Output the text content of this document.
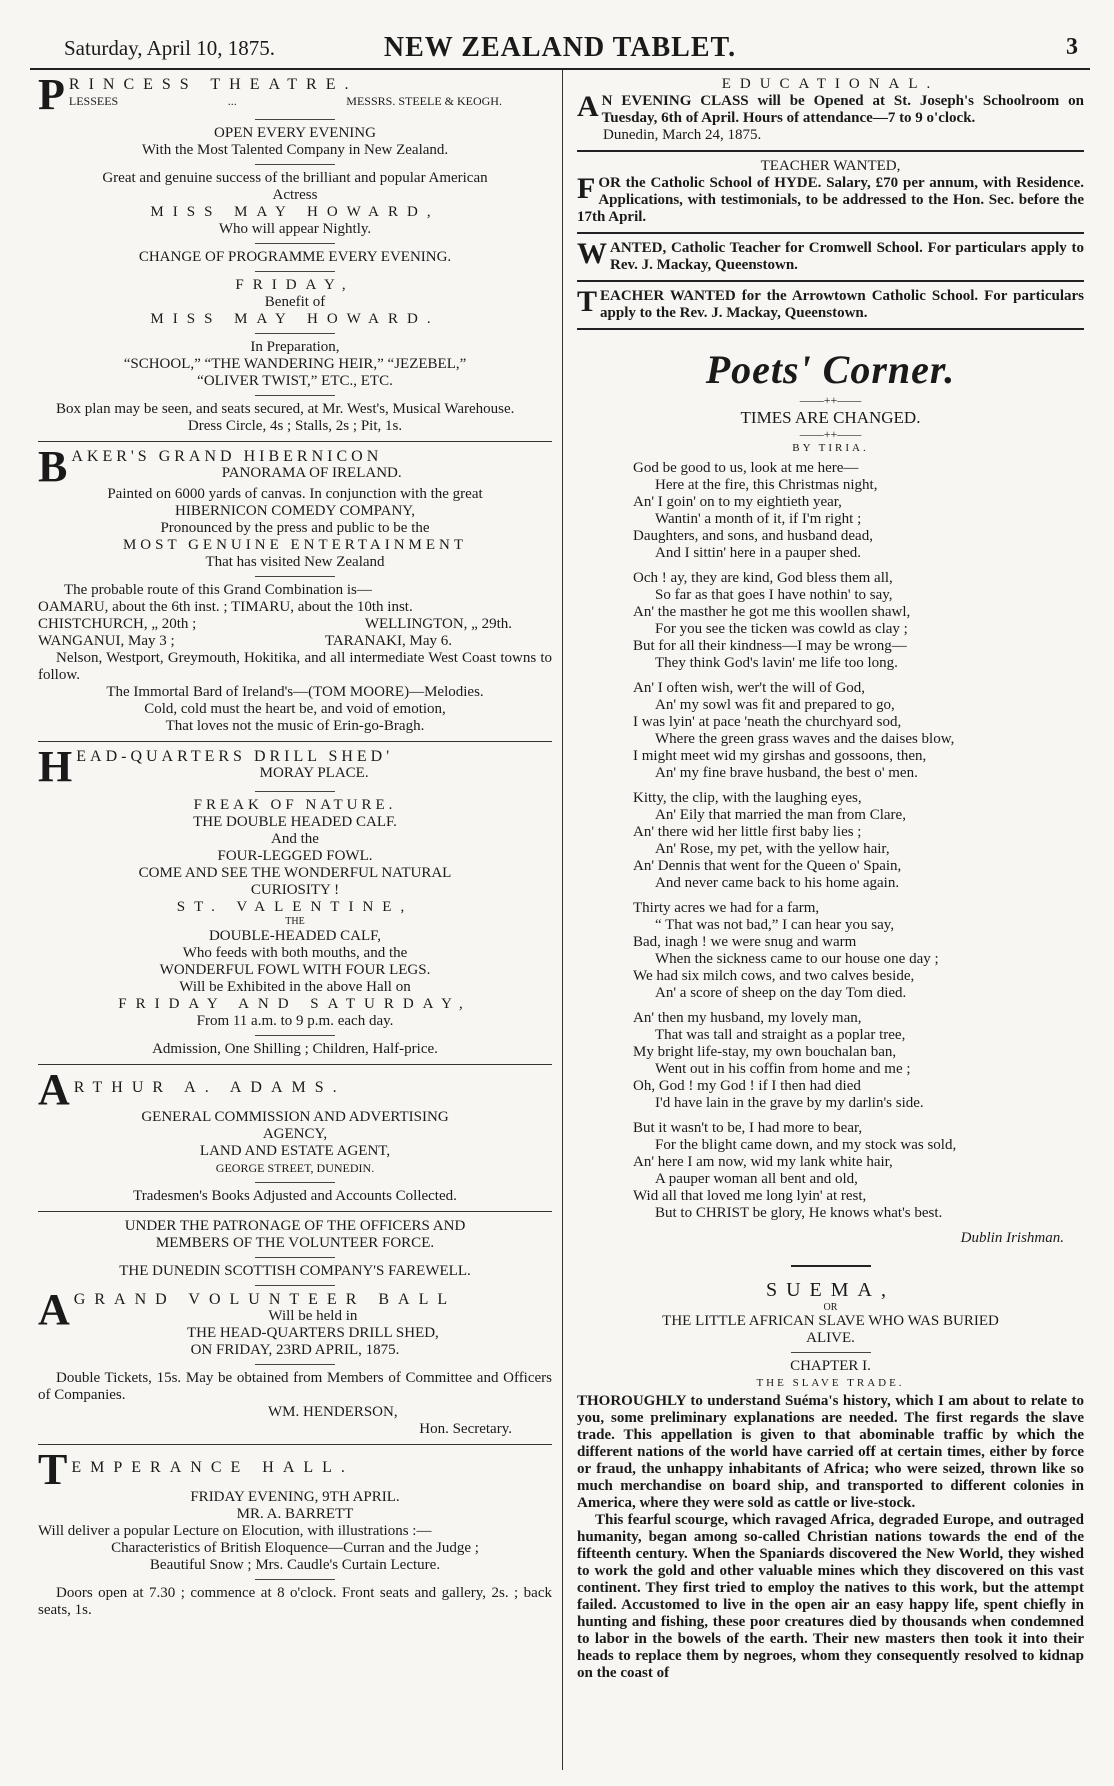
Saturday, April 10, 1875.	NEW ZEALAND TABLET.	3
P RINCESS THEATRE.
LESSEES	...	MESSRS. STEELE & KEOGH.

OPEN EVERY EVENING

With the Most Talented Company in New Zealand.

Great and genuine success of the brilliant and popular American

Actress

MISS MAY HOWARD,

Who will appear Nightly.

CHANGE OF PROGRAMME EVERY EVENING.

FRIDAY,

Benefit of

MISS MAY HOWARD.

In Preparation,

“SCHOOL,” “THE WANDERING HEIR,” “JEZEBEL,”

“OLIVER TWIST,” ETC., ETC.

Box plan may be seen, and seats secured, at Mr. West's, Musical Warehouse.

Dress Circle, 4s ; Stalls, 2s ; Pit, 1s.

B AKER'S GRAND HIBERNICON
PANORAMA OF IRELAND.

Painted on 6000 yards of canvas. In conjunction with the great

HIBERNICON COMEDY COMPANY,

Pronounced by the press and public to be the

MOST GENUINE ENTERTAINMENT

That has visited New Zealand

The probable route of this Grand Combination is—

OAMARU, about the 6th inst. ; TIMARU, about the 10th inst.

CHISTCHURCH, „ 20th ;	WELLINGTON, „ 29th.
WANGANUI, May 3 ;	TARANAKI, May 6.

Nelson, Westport, Greymouth, Hokitika, and all intermediate West Coast towns to follow.

The Immortal Bard of Ireland's—(TOM MOORE)—Melodies.

Cold, cold must the heart be, and void of emotion,

That loves not the music of Erin-go-Bragh.

H EAD-QUARTERS DRILL SHED'
MORAY PLACE.

FREAK OF NATURE.

THE DOUBLE HEADED CALF.

And the

FOUR-LEGGED FOWL.

COME AND SEE THE WONDERFUL NATURAL

CURIOSITY !

ST. VALENTINE,

THE

DOUBLE-HEADED CALF,

Who feeds with both mouths, and the

WONDERFUL FOWL WITH FOUR LEGS.

Will be Exhibited in the above Hall on

FRIDAY AND SATURDAY,

From 11 a.m. to 9 p.m. each day.

Admission, One Shilling ; Children, Half-price.

A RTHUR A. ADAMS.

GENERAL COMMISSION AND ADVERTISING

AGENCY,

LAND AND ESTATE AGENT,

GEORGE STREET, DUNEDIN.

Tradesmen's Books Adjusted and Accounts Collected.

UNDER THE PATRONAGE OF THE OFFICERS AND

MEMBERS OF THE VOLUNTEER FORCE.

THE DUNEDIN SCOTTISH COMPANY'S FAREWELL.

A GRAND VOLUNTEER BALL
Will be held in
THE HEAD-QUARTERS DRILL SHED,
ON FRIDAY, 23RD APRIL, 1875.

Double Tickets, 15s. May be obtained from Members of Committee and Officers of Companies.

WM. HENDERSON,

Hon. Secretary.

T EMPERANCE HALL.

FRIDAY EVENING, 9TH APRIL.

MR. A. BARRETT

Will deliver a popular Lecture on Elocution, with illustrations :—

Characteristics of British Eloquence—Curran and the Judge ;

Beautiful Snow ; Mrs. Caudle's Curtain Lecture.

Doors open at 7.30 ; commence at 8 o'clock. Front seats and gallery, 2s. ; back seats, 1s.

EDUCATIONAL.

A N EVENING CLASS will be Opened at St. Joseph's Schoolroom on Tuesday, 6th of April. Hours of attendance—7 to 9 o'clock.

Dunedin, March 24, 1875.

TEACHER WANTED,

F OR the Catholic School of HYDE. Salary, £70 per annum, with Residence. Applications, with testimonials, to be addressed to the Hon. Sec. before the 17th April.

W ANTED, Catholic Teacher for Cromwell School. For particulars apply to Rev. J. Mackay, Queenstown.

T EACHER WANTED for the Arrowtown Catholic School. For particulars apply to the Rev. J. Mackay, Queenstown.

Poets' Corner.

——++——

TIMES ARE CHANGED.

——++——

BY TIRIA.

God be good to us, look at me here—

Here at the fire, this Christmas night,

An' I goin' on to my eightieth year,

Wantin' a month of it, if I'm right ;

Daughters, and sons, and husband dead,

And I sittin' here in a pauper shed.

Och ! ay, they are kind, God bless them all,

So far as that goes I have nothin' to say,

An' the masther he got me this woollen shawl,

For you see the ticken was cowld as clay ;

But for all their kindness—I may be wrong—

They think God's lavin' me life too long.

An' I often wish, wer't the will of God,

An' my sowl was fit and prepared to go,

I was lyin' at pace 'neath the churchyard sod,

Where the green grass waves and the daises blow,

I might meet wid my girshas and gossoons, then,

An' my fine brave husband, the best o' men.

Kitty, the clip, with the laughing eyes,

An' Eily that married the man from Clare,

An' there wid her little first baby lies ;

An' Rose, my pet, with the yellow hair,

An' Dennis that went for the Queen o' Spain,

And never came back to his home again.

Thirty acres we had for a farm,

“ That was not bad,” I can hear you say,

Bad, inagh ! we were snug and warm

When the sickness came to our house one day ;

We had six milch cows, and two calves beside,

An' a score of sheep on the day Tom died.

An' then my husband, my lovely man,

That was tall and straight as a poplar tree,

My bright life-stay, my own bouchalan ban,

Went out in his coffin from home and me ;

Oh, God ! my God ! if I then had died

I'd have lain in the grave by my darlin's side.

But it wasn't to be, I had more to bear,

For the blight came down, and my stock was sold,

An' here I am now, wid my lank white hair,

A pauper woman all bent and old,

Wid all that loved me long lyin' at rest,

But to CHRIST be glory, He knows what's best.

Dublin Irishman.

SUEMA,

OR

THE LITTLE AFRICAN SLAVE WHO WAS BURIED

ALIVE.

CHAPTER I.

THE SLAVE TRADE.

THOROUGHLY to understand Suéma's history, which I am about to relate to you, some preliminary explanations are needed. The first regards the slave trade. This appellation is given to that abominable traffic by which the different nations of the world have carried off at certain times, either by force or fraud, the unhappy inhabitants of Africa; who were seized, thrown like so much merchandise on board ship, and transported to different colonies in America, where they were sold as cattle or live-stock.

This fearful scourge, which ravaged Africa, degraded Europe, and outraged humanity, began among so-called Christian nations towards the end of the fifteenth century. When the Spaniards discovered the New World, they wished to work the gold and other valuable mines which they discovered on this vast continent. They first tried to employ the natives to this work, but the attempt failed. Accustomed to live in the open air an easy happy life, spent chiefly in hunting and fishing, these poor creatures died by thousands when condemned to labor in the bowels of the earth. Their new masters then took it into their heads to replace them by negroes, whom they consequently resolved to kidnap on the coast of
